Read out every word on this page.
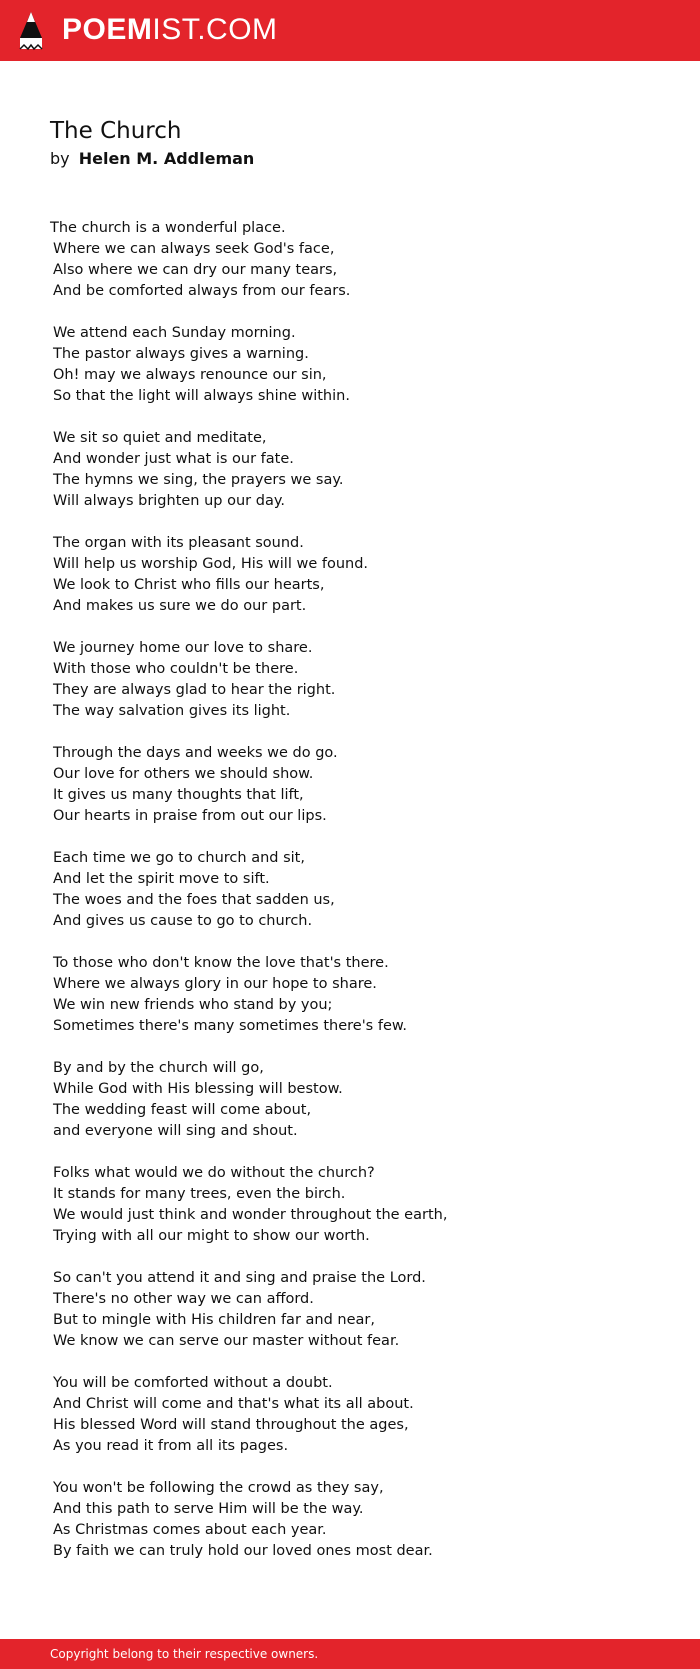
POEMIST.COM
The Church
by Helen M. Addleman
The church is a wonderful place.
Where we can always seek God's face,
Also where we can dry our many tears,
And be comforted always from our fears.
We attend each Sunday morning.
The pastor always gives a warning.
Oh! may we always renounce our sin,
So that the light will always shine within.
We sit so quiet and meditate,
And wonder just what is our fate.
The hymns we sing, the prayers we say.
Will always brighten up our day.
The organ with its pleasant sound.
Will help us worship God, His will we found.
We look to Christ who fills our hearts,
And makes us sure we do our part.
We journey home our love to share.
With those who couldn't be there.
They are always glad to hear the right.
The way salvation gives its light.
Through the days and weeks we do go.
Our love for others we should show.
It gives us many thoughts that lift,
Our hearts in praise from out our lips.
Each time we go to church and sit,
And let the spirit move to sift.
The woes and the foes that sadden us,
And gives us cause to go to church.
To those who don't know the love that's there.
Where we always glory in our hope to share.
We win new friends who stand by you;
Sometimes there's many sometimes there's few.
By and by the church will go,
While God with His blessing will bestow.
The wedding feast will come about,
and everyone will sing and shout.
Folks what would we do without the church?
It stands for many trees, even the birch.
We would just think and wonder throughout the earth,
Trying with all our might to show our worth.
So can't you attend it and sing and praise the Lord.
There's no other way we can afford.
But to mingle with His children far and near,
We know we can serve our master without fear.
You will be comforted without a doubt.
And Christ will come and that's what its all about.
His blessed Word will stand throughout the ages,
As you read it from all its pages.
You won't be following the crowd as they say,
And this path to serve Him will be the way.
As Christmas comes about each year.
By faith we can truly hold our loved ones most dear.
Copyright belong to their respective owners.
